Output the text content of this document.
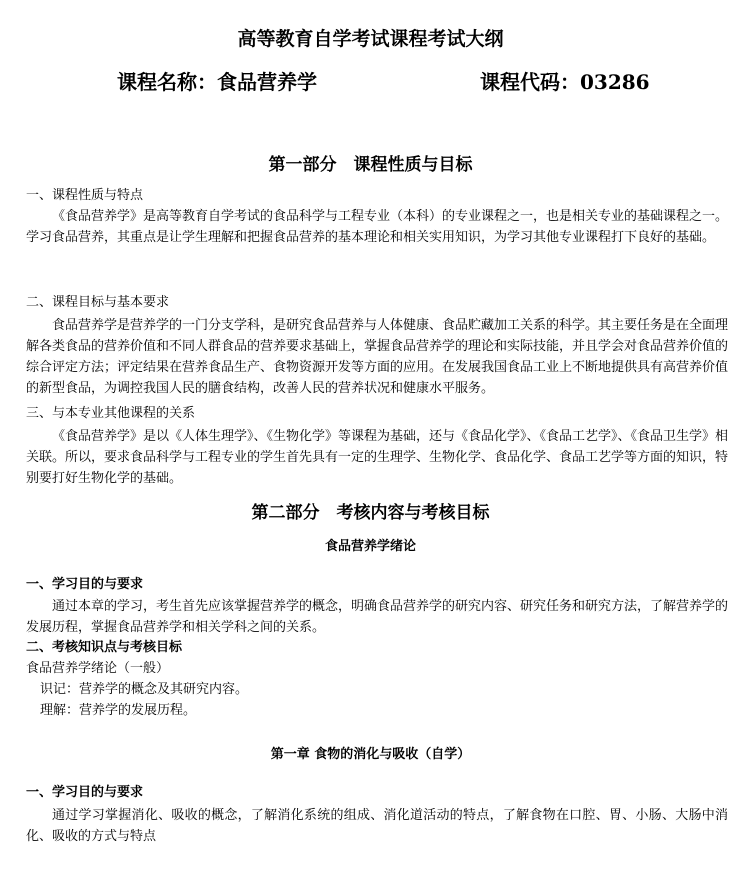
高等教育自学考试课程考试大纲
课程名称：食品营养学	课程代码：03286
第一部分　课程性质与目标
一、课程性质与特点
《食品营养学》是高等教育自学考试的食品科学与工程专业（本科）的专业课程之一，也是相关专业的基础课程之一。学习食品营养，其重点是让学生理解和把握食品营养的基本理论和相关实用知识，为学习其他专业课程打下良好的基础。
二、课程目标与基本要求
食品营养学是营养学的一门分支学科，是研究食品营养与人体健康、食品贮藏加工关系的科学。其主要任务是在全面理解各类食品的营养价值和不同人群食品的营养要求基础上，掌握食品营养学的理论和实际技能，并且学会对食品营养价值的综合评定方法；评定结果在营养食品生产、食物资源开发等方面的应用。在发展我国食品工业上不断地提供具有高营养价值的新型食品，为调控我国人民的膳食结构，改善人民的营养状况和健康水平服务。
三、与本专业其他课程的关系
《食品营养学》是以《人体生理学》、《生物化学》等课程为基础，还与《食品化学》、《食品工艺学》、《食品卫生学》相关联。所以，要求食品科学与工程专业的学生首先具有一定的生理学、生物化学、食品化学、食品工艺学等方面的知识，特别要打好生物化学的基础。
第二部分　考核内容与考核目标
食品营养学绪论
一、学习目的与要求
通过本章的学习，考生首先应该掌握营养学的概念，明确食品营养学的研究内容、研究任务和研究方法，了解营养学的发展历程，掌握食品营养学和相关学科之间的关系。
二、考核知识点与考核目标
食品营养学绪论（一般）
识记：营养学的概念及其研究内容。
理解：营养学的发展历程。
第一章 食物的消化与吸收（自学）
一、学习目的与要求
通过学习掌握消化、吸收的概念，了解消化系统的组成、消化道活动的特点，了解食物在口腔、胃、小肠、大肠中消化、吸收的方式与特点
